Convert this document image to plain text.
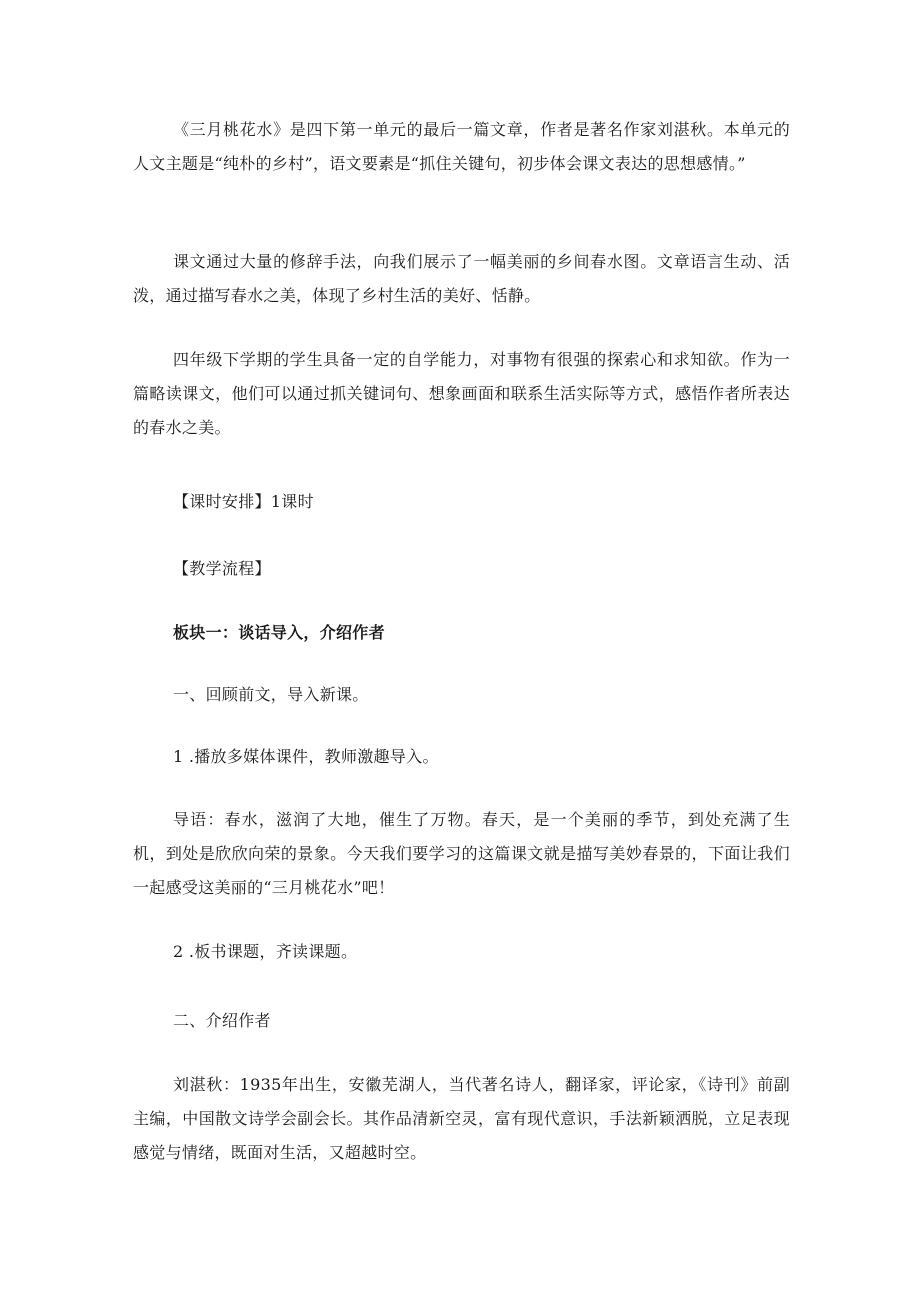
《三月桃花水》是四下第一单元的最后一篇文章，作者是著名作家刘湛秋。本单元的人文主题是“纯朴的乡村”，语文要素是“抓住关键句，初步体会课文表达的思想感情。”

课文通过大量的修辞手法，向我们展示了一幅美丽的乡间春水图。文章语言生动、活泼，通过描写春水之美，体现了乡村生活的美好、恬静。

四年级下学期的学生具备一定的自学能力，对事物有很强的探索心和求知欲。作为一篇略读课文，他们可以通过抓关键词句、想象画面和联系生活实际等方式，感悟作者所表达的春水之美。

【课时安排】1课时

【教学流程】

板块一：谈话导入，介绍作者

一、回顾前文，导入新课。

1 .播放多媒体课件，教师激趣导入。

导语：春水，滋润了大地，催生了万物。春天，是一个美丽的季节，到处充满了生机，到处是欣欣向荣的景象。今天我们要学习的这篇课文就是描写美妙春景的，下面让我们一起感受这美丽的“三月桃花水”吧！

2 .板书课题，齐读课题。

二、介绍作者

刘湛秋：1935年出生，安徽芜湖人，当代著名诗人，翻译家，评论家，《诗刊》前副主编，中国散文诗学会副会长。其作品清新空灵，富有现代意识，手法新颖洒脱，立足表现感觉与情绪，既面对生活，又超越时空。
